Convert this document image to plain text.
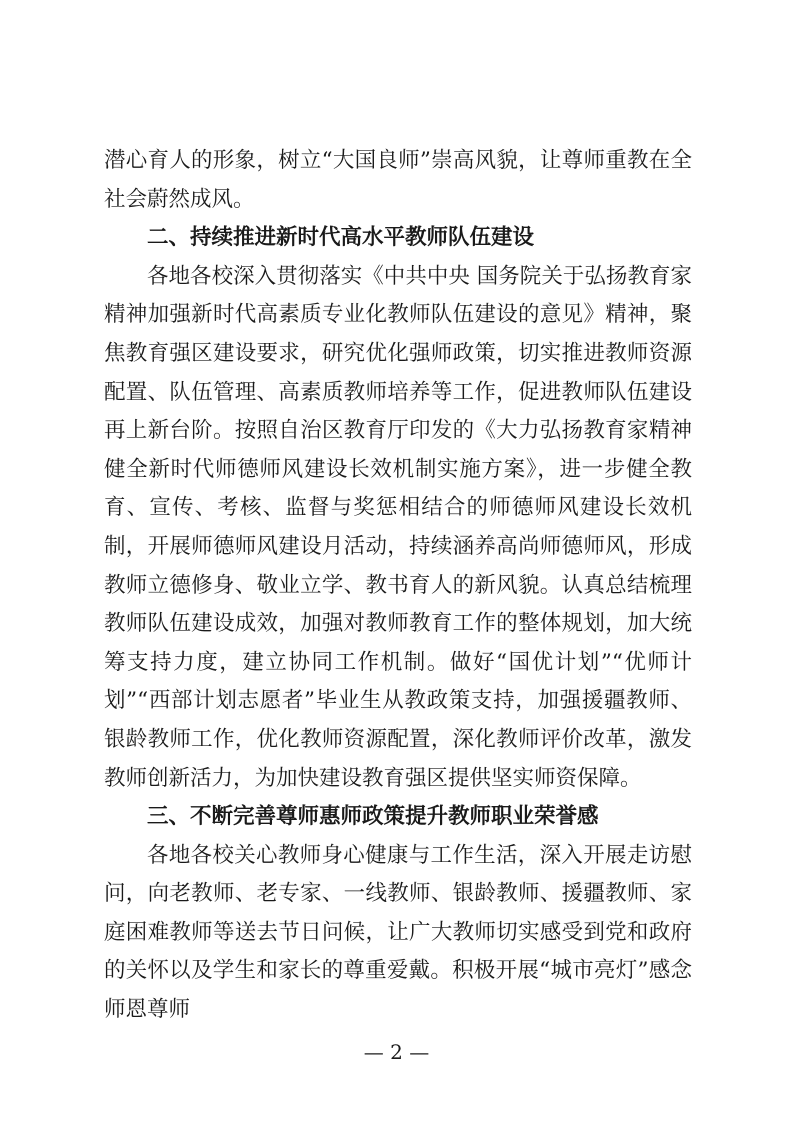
潜心育人的形象，树立“大国良师”崇高风貌，让尊师重教在全社会蔚然成风。

二、持续推进新时代高水平教师队伍建设

各地各校深入贯彻落实《中共中央 国务院关于弘扬教育家精神加强新时代高素质专业化教师队伍建设的意见》精神，聚焦教育强区建设要求，研究优化强师政策，切实推进教师资源配置、队伍管理、高素质教师培养等工作，促进教师队伍建设再上新台阶。按照自治区教育厅印发的《大力弘扬教育家精神 健全新时代师德师风建设长效机制实施方案》，进一步健全教育、宣传、考核、监督与奖惩相结合的师德师风建设长效机制，开展师德师风建设月活动，持续涵养高尚师德师风，形成教师立德修身、敬业立学、教书育人的新风貌。认真总结梳理教师队伍建设成效，加强对教师教育工作的整体规划，加大统筹支持力度，建立协同工作机制。做好“国优计划”“优师计划”“西部计划志愿者”毕业生从教政策支持，加强援疆教师、银龄教师工作，优化教师资源配置，深化教师评价改革，激发教师创新活力，为加快建设教育强区提供坚实师资保障。

三、不断完善尊师惠师政策提升教师职业荣誉感

各地各校关心教师身心健康与工作生活，深入开展走访慰问，向老教师、老专家、一线教师、银龄教师、援疆教师、家庭困难教师等送去节日问候，让广大教师切实感受到党和政府的关怀以及学生和家长的尊重爱戴。积极开展“城市亮灯”感念师恩尊师

— 2 —
